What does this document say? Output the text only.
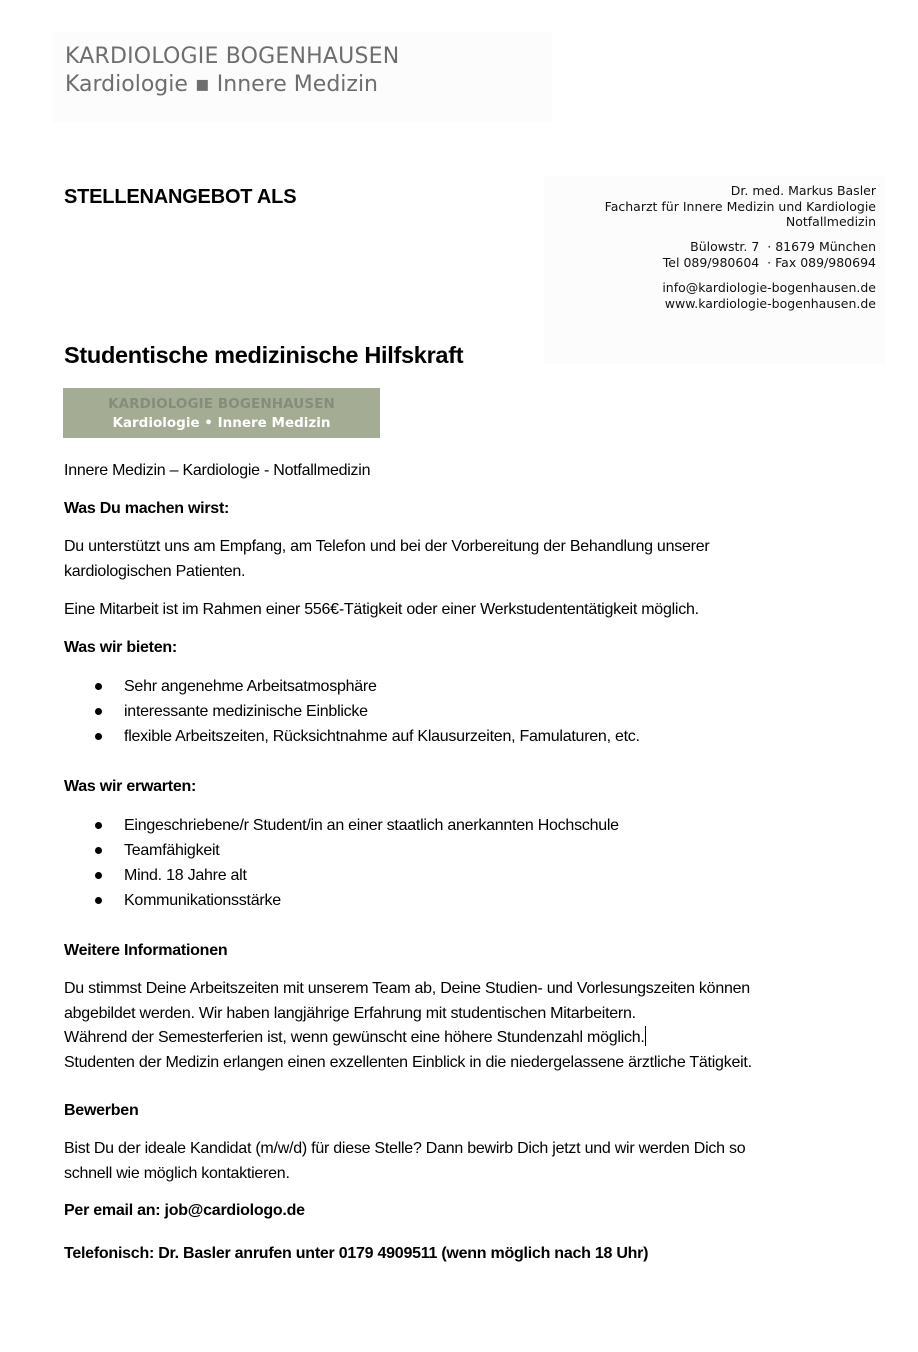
KARDIOLOGIE BOGENHAUSEN
Kardiologie ▪ Innere Medizin
STELLENANGEBOT ALS	Dr. med. Markus Basler
Facharzt für Innere Medizin und Kardiologie
Notfallmedizin
Bülowstr. 7  · 81679 München
Tel 089/980604  · Fax 089/980694
info@kardiologie-bogenhausen.de
www.kardiologie-bogenhausen.de
Studentische medizinische Hilfskraft
KARDIOLOGIE BOGENHAUSEN
Kardiologie • Innere Medizin
Innere Medizin – Kardiologie - Notfallmedizin
Was Du machen wirst:
Du unterstützt uns am Empfang, am Telefon und bei der Vorbereitung der Behandlung unserer
kardiologischen Patienten.
Eine Mitarbeit ist im Rahmen einer 556€-Tätigkeit oder einer Werkstudententätigkeit möglich.
Was wir bieten:
Sehr angenehme Arbeitsatmosphäre
interessante medizinische Einblicke
flexible Arbeitszeiten, Rücksichtnahme auf Klausurzeiten, Famulaturen, etc.
Was wir erwarten:
Eingeschriebene/r Student/in an einer staatlich anerkannten Hochschule
Teamfähigkeit
Mind. 18 Jahre alt
Kommunikationsstärke
Weitere Informationen
Du stimmst Deine Arbeitszeiten mit unserem Team ab, Deine Studien- und Vorlesungszeiten können
abgebildet werden. Wir haben langjährige Erfahrung mit studentischen Mitarbeitern.
Während der Semesterferien ist, wenn gewünscht eine höhere Stundenzahl möglich.
Studenten der Medizin erlangen einen exzellenten Einblick in die niedergelassene ärztliche Tätigkeit.
Bewerben
Bist Du der ideale Kandidat (m/w/d) für diese Stelle? Dann bewirb Dich jetzt und wir werden Dich so
schnell wie möglich kontaktieren.
Per email an: job@cardiologo.de
Telefonisch: Dr. Basler anrufen unter 0179 4909511 (wenn möglich nach 18 Uhr)
